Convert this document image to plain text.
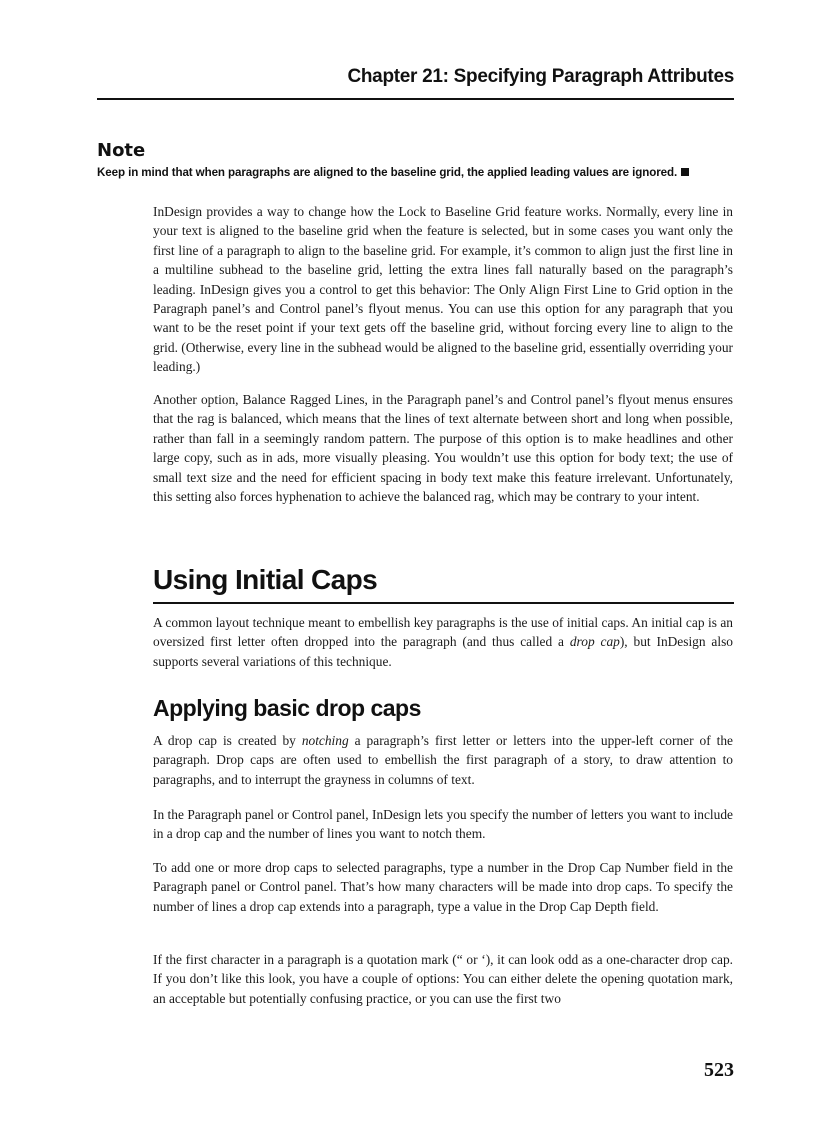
Chapter 21: Specifying Paragraph Attributes
Note
Keep in mind that when paragraphs are aligned to the baseline grid, the applied leading values are ignored.

InDesign provides a way to change how the Lock to Baseline Grid feature works. Normally, every line in your text is aligned to the baseline grid when the feature is selected, but in some cases you want only the first line of a paragraph to align to the baseline grid. For example, it’s common to align just the first line in a multiline subhead to the baseline grid, letting the extra lines fall naturally based on the paragraph’s leading. InDesign gives you a control to get this behavior: The Only Align First Line to Grid option in the Paragraph panel’s and Control panel’s flyout menus. You can use this option for any paragraph that you want to be the reset point if your text gets off the baseline grid, without forcing every line to align to the grid. (Otherwise, every line in the subhead would be aligned to the baseline grid, essentially overriding your leading.)

Another option, Balance Ragged Lines, in the Paragraph panel’s and Control panel’s flyout menus ensures that the rag is balanced, which means that the lines of text alternate between short and long when possible, rather than fall in a seemingly random pattern. The purpose of this option is to make headlines and other large copy, such as in ads, more visually pleasing. You wouldn’t use this option for body text; the use of small text size and the need for efficient spacing in body text make this feature irrelevant. Unfortunately, this setting also forces hyphenation to achieve the balanced rag, which may be contrary to your intent.

Using Initial Caps

A common layout technique meant to embellish key paragraphs is the use of initial caps. An initial cap is an oversized first letter often dropped into the paragraph (and thus called a drop cap), but InDesign also supports several variations of this technique.

Applying basic drop caps

A drop cap is created by notching a paragraph’s first letter or letters into the upper-left corner of the paragraph. Drop caps are often used to embellish the first paragraph of a story, to draw attention to paragraphs, and to interrupt the grayness in columns of text.

In the Paragraph panel or Control panel, InDesign lets you specify the number of letters you want to include in a drop cap and the number of lines you want to notch them.

To add one or more drop caps to selected paragraphs, type a number in the Drop Cap Number field in the Paragraph panel or Control panel. That’s how many characters will be made into drop caps. To specify the number of lines a drop cap extends into a paragraph, type a value in the Drop Cap Depth field.

If the first character in a paragraph is a quotation mark (“ or ‘), it can look odd as a one-character drop cap. If you don’t like this look, you have a couple of options: You can either delete the opening quotation mark, an acceptable but potentially confusing practice, or you can use the first two

523
